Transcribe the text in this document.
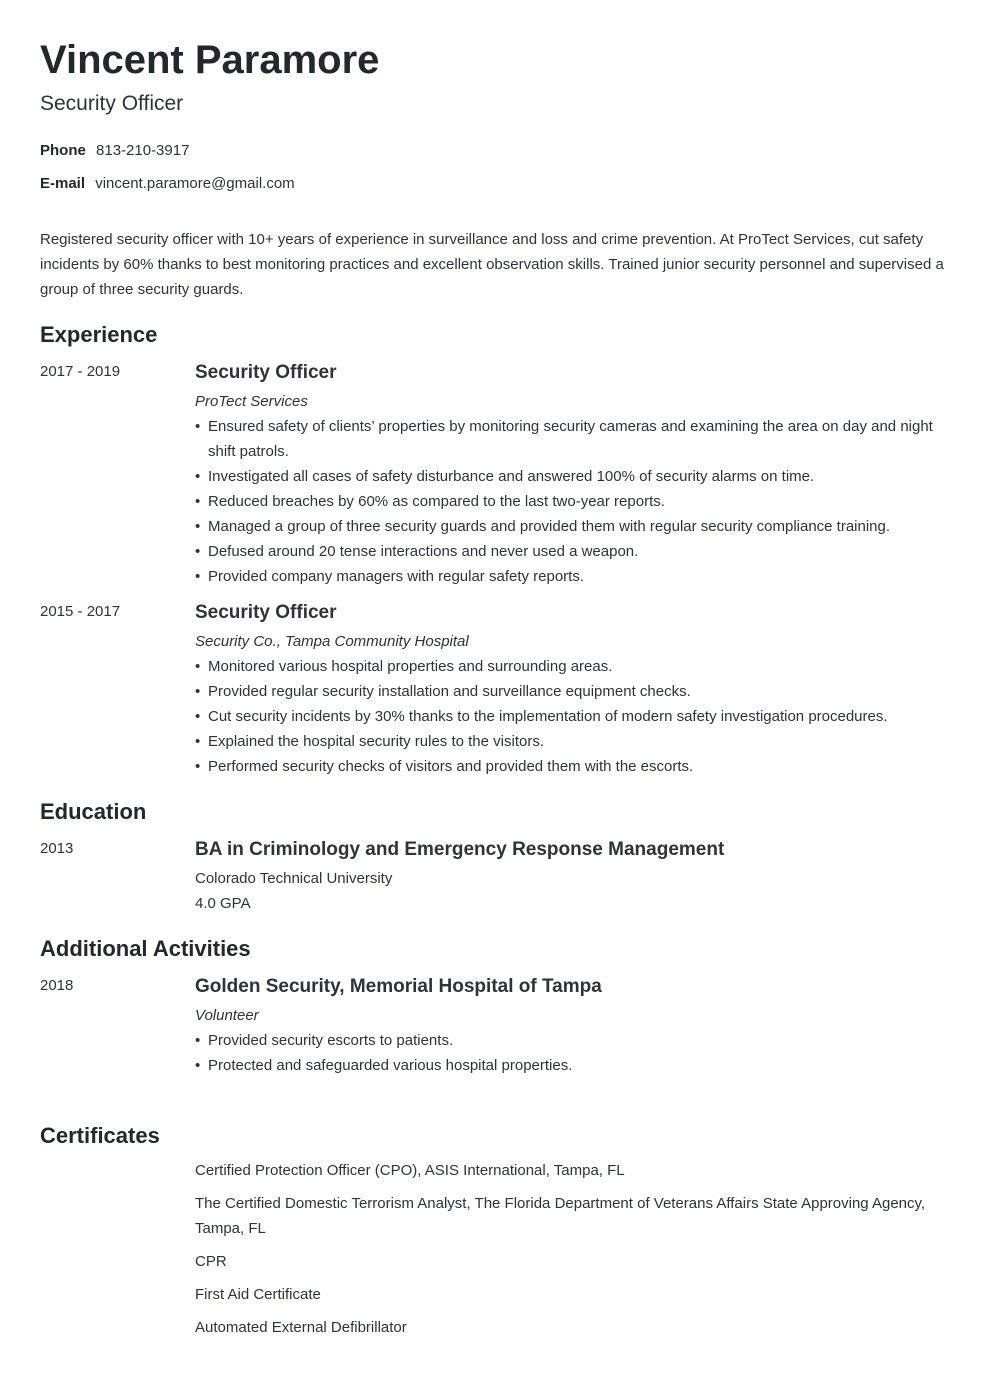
Vincent Paramore
Security Officer
Phone 813-210-3917
E-mail vincent.paramore@gmail.com
Registered security officer with 10+ years of experience in surveillance and loss and crime prevention. At ProTect Services, cut safety incidents by 60% thanks to best monitoring practices and excellent observation skills. Trained junior security personnel and supervised a group of three security guards.
Experience
2017 - 2019	Security Officer
ProTect Services
• Ensured safety of clients’ properties by monitoring security cameras and examining the area on day and night shift patrols.
• Investigated all cases of safety disturbance and answered 100% of security alarms on time.
• Reduced breaches by 60% as compared to the last two-year reports.
• Managed a group of three security guards and provided them with regular security compliance training.
• Defused around 20 tense interactions and never used a weapon.
• Provided company managers with regular safety reports.
2015 - 2017	Security Officer
Security Co., Tampa Community Hospital
• Monitored various hospital properties and surrounding areas.
• Provided regular security installation and surveillance equipment checks.
• Cut security incidents by 30% thanks to the implementation of modern safety investigation procedures.
• Explained the hospital security rules to the visitors.
• Performed security checks of visitors and provided them with the escorts.
Education
2013	BA in Criminology and Emergency Response Management
Colorado Technical University
4.0 GPA
Additional Activities
2018	Golden Security, Memorial Hospital of Tampa
Volunteer
• Provided security escorts to patients.
• Protected and safeguarded various hospital properties.
Certificates
Certified Protection Officer (CPO), ASIS International, Tampa, FL
The Certified Domestic Terrorism Analyst, The Florida Department of Veterans Affairs State Approving Agency, Tampa, FL
CPR
First Aid Certificate
Automated External Defibrillator
